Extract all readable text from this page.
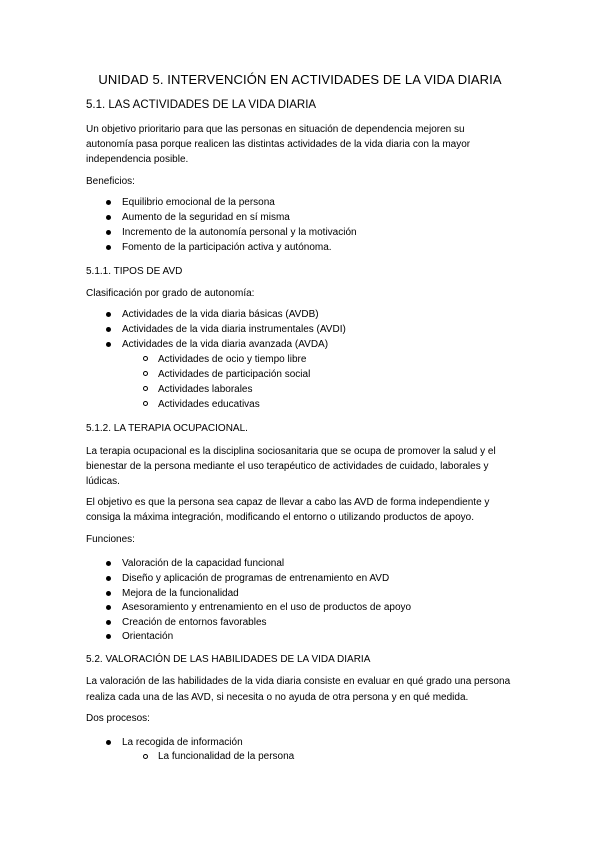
UNIDAD 5. INTERVENCIÓN EN ACTIVIDADES DE LA VIDA DIARIA
5.1. LAS ACTIVIDADES DE LA VIDA DIARIA
Un objetivo prioritario para que las personas en situación de dependencia mejoren su
autonomía pasa porque realicen las distintas actividades de la vida diaria con la mayor
independencia posible.
Beneficios:
Equilibrio emocional de la persona
Aumento de la seguridad en sí misma
Incremento de la autonomía personal y la motivación
Fomento de la participación activa y autónoma.
5.1.1. TIPOS DE AVD
Clasificación por grado de autonomía:
Actividades de la vida diaria básicas (AVDB)
Actividades de la vida diaria instrumentales (AVDI)
Actividades de la vida diaria avanzada (AVDA)
Actividades de ocio y tiempo libre
Actividades de participación social
Actividades laborales
Actividades educativas
5.1.2. LA TERAPIA OCUPACIONAL.
La terapia ocupacional es la disciplina sociosanitaria que se ocupa de promover la salud y el
bienestar de la persona mediante el uso terapéutico de actividades de cuidado, laborales y
lúdicas.
El objetivo es que la persona sea capaz de llevar a cabo las AVD de forma independiente y
consiga la máxima integración, modificando el entorno o utilizando productos de apoyo.
Funciones:
Valoración de la capacidad funcional
Diseño y aplicación de programas de entrenamiento en AVD
Mejora de la funcionalidad
Asesoramiento y entrenamiento en el uso de productos de apoyo
Creación de entornos favorables
Orientación
5.2. VALORACIÓN DE LAS HABILIDADES DE LA VIDA DIARIA
La valoración de las habilidades de la vida diaria consiste en evaluar en qué grado una persona
realiza cada una de las AVD, si necesita o no ayuda de otra persona y en qué medida.
Dos procesos:
La recogida de información
La funcionalidad de la persona
